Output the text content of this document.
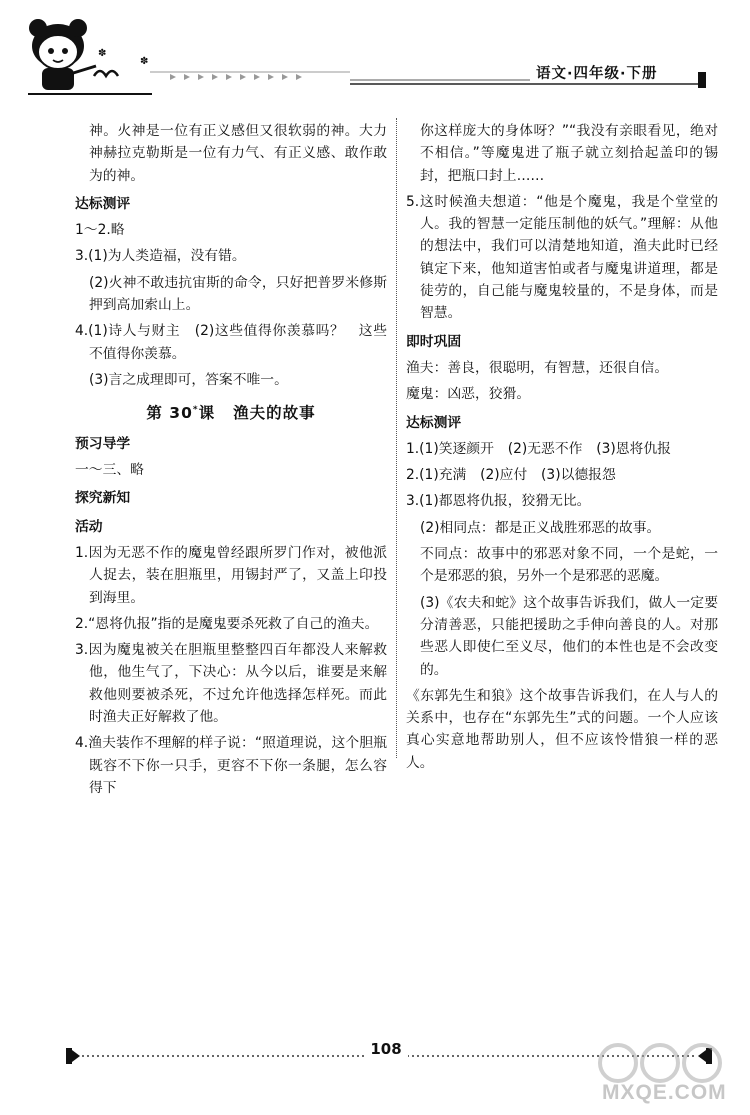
✽
✽
语文·四年级·下册

神。火神是一位有正义感但又很软弱的神。大力神赫拉克勒斯是一位有力气、有正义感、敢作敢为的神。

达标测评

1～2.略

3.(1)为人类造福，没有错。

(2)火神不敢违抗宙斯的命令，只好把普罗米修斯押到高加索山上。

4.(1)诗人与财主　(2)这些值得你羡慕吗？　这些不值得你羡慕。

(3)言之成理即可，答案不唯一。

第 30*课 渔夫的故事
预习导学

一～三、略

探究新知
活动

1.因为无恶不作的魔鬼曾经跟所罗门作对，被他派人捉去，装在胆瓶里，用锡封严了，又盖上印投到海里。

2.“恩将仇报”指的是魔鬼要杀死救了自己的渔夫。

3.因为魔鬼被关在胆瓶里整整四百年都没人来解救他，他生气了，下决心：从今以后，谁要是来解救他则要被杀死，不过允许他选择怎样死。而此时渔夫正好解救了他。

4.渔夫装作不理解的样子说：“照道理说，这个胆瓶既容不下你一只手，更容不下你一条腿，怎么容得下

你这样庞大的身体呀？”“我没有亲眼看见，绝对不相信。”等魔鬼进了瓶子就立刻拾起盖印的锡封，把瓶口封上……

5.这时候渔夫想道：“他是个魔鬼，我是个堂堂的人。我的智慧一定能压制他的妖气。”理解：从他的想法中，我们可以清楚地知道，渔夫此时已经镇定下来，他知道害怕或者与魔鬼讲道理，都是徒劳的，自己能与魔鬼较量的，不是身体，而是智慧。

即时巩固

渔夫：善良，很聪明，有智慧，还很自信。

魔鬼：凶恶，狡猾。

达标测评

1.(1)笑逐颜开　(2)无恶不作　(3)恩将仇报

2.(1)充满　(2)应付　(3)以德报怨

3.(1)都恩将仇报，狡猾无比。

(2)相同点：都是正义战胜邪恶的故事。

不同点：故事中的邪恶对象不同，一个是蛇，一个是邪恶的狼，另外一个是邪恶的恶魔。

(3)《农夫和蛇》这个故事告诉我们，做人一定要分清善恶，只能把援助之手伸向善良的人。对那些恶人即使仁至义尽，他们的本性也是不会改变的。

《东郭先生和狼》这个故事告诉我们，在人与人的关系中，也存在“东郭先生”式的问题。一个人应该真心实意地帮助别人，但不应该怜惜狼一样的恶人。

108
MXQE.COM
